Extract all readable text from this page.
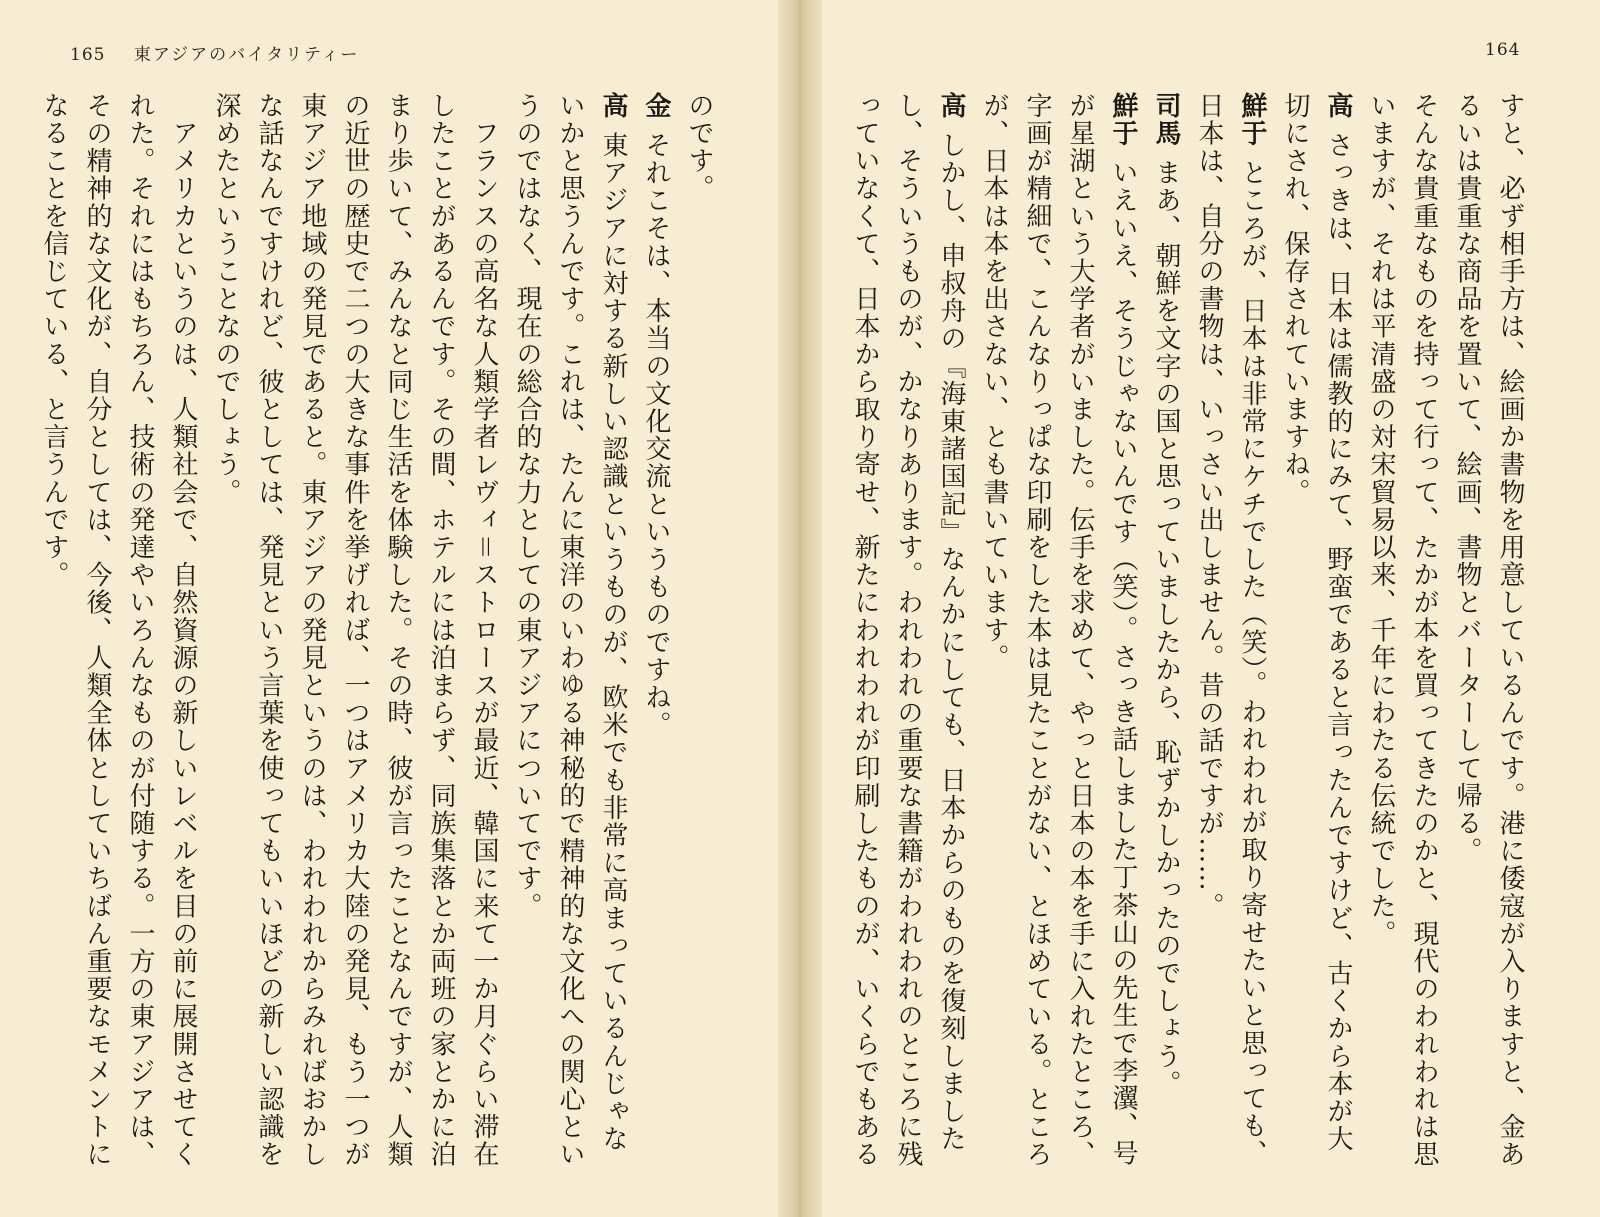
165 東アジアのバイタリティー	164

すと、必ず相手方は、絵画か書物を用意しているんです。港に倭寇が入りますと、金あるいは貴重な商品を置いて、絵画、書物とバーターして帰る。

そんな貴重なものを持って行って、たかが本を買ってきたのかと、現代のわれわれは思いますが、それは平清盛の対宋貿易以来、千年にわたる伝統でした。

高さっきは、日本は儒教的にみて、野蛮であると言ったんですけど、古くから本が大切にされ、保存されていますね。

鮮于ところが、日本は非常にケチでした（笑）。われわれが取り寄せたいと思っても、日本は、自分の書物は、いっさい出しません。昔の話ですが……。

司馬まあ、朝鮮を文字の国と思っていましたから、恥ずかしかったのでしょう。

鮮于いえいえ、そうじゃないんです（笑）。さっき話しました丁茶山の先生で李瀷、号が星湖という大学者がいました。伝手を求めて、やっと日本の本を手に入れたところ、字画が精細で、こんなりっぱな印刷をした本は見たことがない、とほめている。ところが、日本は本を出さない、とも書いています。

高しかし、申叔舟の『海東諸国記』なんかにしても、日本からのものを復刻しましたし、そういうものが、かなりあります。われわれの重要な書籍がわれわれのところに残っていなくて、日本から取り寄せ、新たにわれわれが印刷したものが、いくらでもある

のです。

金それこそは、本当の文化交流というものですね。

高東アジアに対する新しい認識というものが、欧米でも非常に高まっているんじゃないかと思うんです。これは、たんに東洋のいわゆる神秘的で精神的な文化への関心というのではなく、現在の総合的な力としての東アジアについてです。

　フランスの高名な人類学者レヴィ＝ストロースが最近、韓国に来て一か月ぐらい滞在したことがあるんです。その間、ホテルには泊まらず、同族集落とか両班の家とかに泊まり歩いて、みんなと同じ生活を体験した。その時、彼が言ったことなんですが、人類の近世の歴史で二つの大きな事件を挙げれば、一つはアメリカ大陸の発見、もう一つが東アジア地域の発見であると。東アジアの発見というのは、われわれからみればおかしな話なんですけれど、彼としては、発見という言葉を使ってもいいほどの新しい認識を深めたということなのでしょう。

　アメリカというのは、人類社会で、自然資源の新しいレベルを目の前に展開させてくれた。それにはもちろん、技術の発達やいろんなものが付随する。一方の東アジアは、その精神的な文化が、自分としては、今後、人類全体としていちばん重要なモメントになることを信じている、と言うんです。
